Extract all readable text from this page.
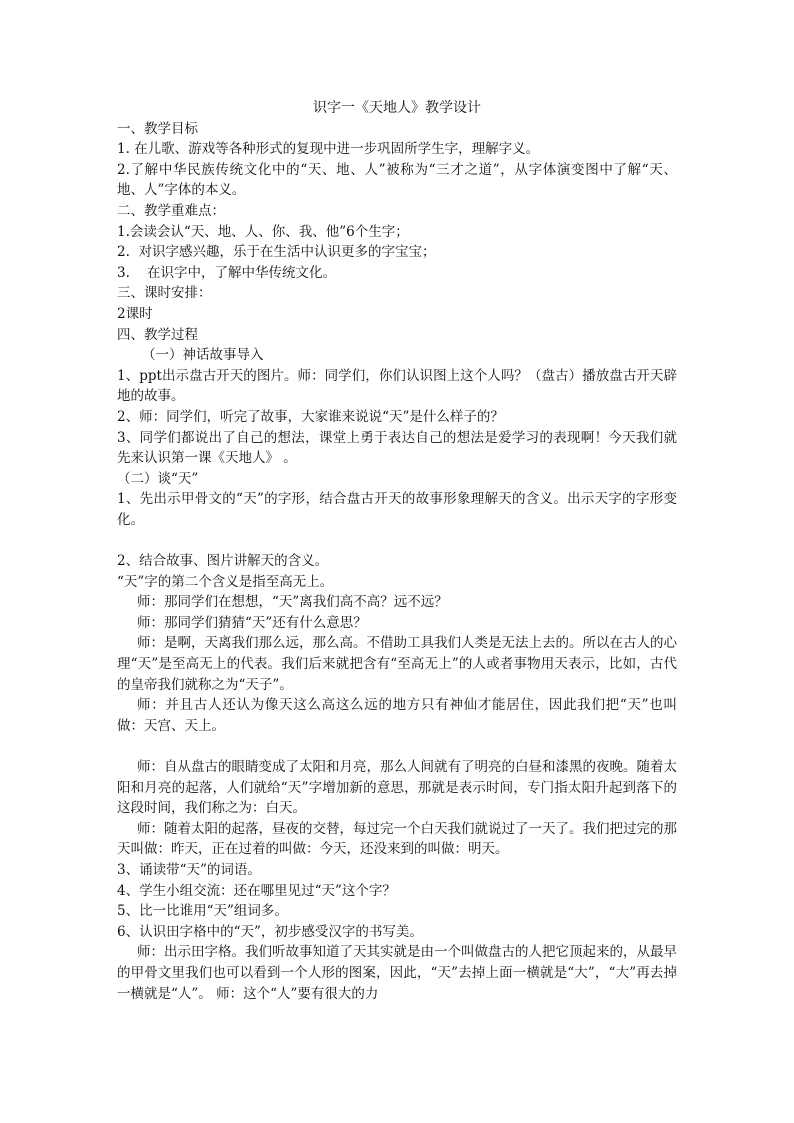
识字一《天地人》教学设计
一、教学目标
1. 在儿歌、游戏等各种形式的复现中进一步巩固所学生字，理解字义。
2.了解中华民族传统文化中的“天、地、人”被称为“三才之道”，从字体演变图中了解“天、地、人”字体的本义。
二、教学重难点：
1.会读会认“天、地、人、你、我、他”6个生字；
2.  对识字感兴趣，乐于在生活中认识更多的字宝宝；
3.    在识字中，了解中华传统文化。
三、课时安排：
2课时
四、教学过程
（一）神话故事导入
1、ppt出示盘古开天的图片。师：同学们，你们认识图上这个人吗？（盘古）播放盘古开天辟地的故事。
2、师：同学们，听完了故事，大家谁来说说“天”是什么样子的？
3、同学们都说出了自己的想法，课堂上勇于表达自己的想法是爱学习的表现啊！今天我们就先来认识第一课《天地人》 。
（二）谈“天”
1、先出示甲骨文的“天”的字形，结合盘古开天的故事形象理解天的含义。出示天字的字形变化。
2、结合故事、图片讲解天的含义。
“天”字的第二个含义是指至高无上。
师：那同学们在想想，“天”离我们高不高？远不远？
师：那同学们猜猜“天”还有什么意思？
师：是啊，天离我们那么远，那么高。不借助工具我们人类是无法上去的。所以在古人的心理“天”是至高无上的代表。我们后来就把含有“至高无上”的人或者事物用天表示，比如，古代的皇帝我们就称之为“天子”。
师：并且古人还认为像天这么高这么远的地方只有神仙才能居住，因此我们把“天”也叫做：天宫、天上。
师：自从盘古的眼睛变成了太阳和月亮，那么人间就有了明亮的白昼和漆黑的夜晚。随着太阳和月亮的起落，人们就给“天”字增加新的意思，那就是表示时间，专门指太阳升起到落下的这段时间，我们称之为：白天。
师：随着太阳的起落，昼夜的交替，每过完一个白天我们就说过了一天了。我们把过完的那天叫做：昨天，正在过着的叫做：今天，还没来到的叫做：明天。
3、诵读带“天”的词语。
4、学生小组交流：还在哪里见过“天”这个字？
5、比一比谁用“天”组词多。
6、认识田字格中的“天”，初步感受汉字的书写美。
师：出示田字格。我们听故事知道了天其实就是由一个叫做盘古的人把它顶起来的，从最早的甲骨文里我们也可以看到一个人形的图案，因此，“天”去掉上面一横就是“大”，“大”再去掉一横就是“人”。 师：这个“人”要有很大的力
